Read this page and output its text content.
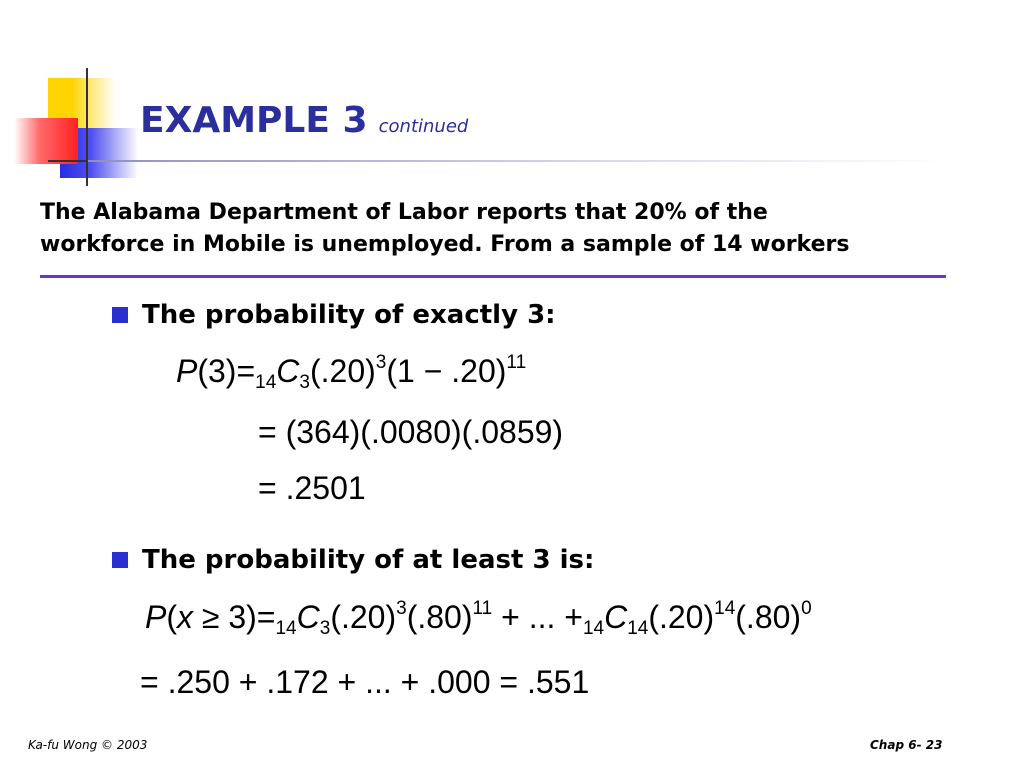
EXAMPLE 3 continued
The Alabama Department of Labor reports that 20% of the
workforce in Mobile is unemployed. From a sample of 14 workers
The probability of exactly 3:
$P(3)=_{14}C_3(.20)^3(1 - .20)^{11}$
= (364)(.0080)(.0859)
= .2501
The probability of at least 3 is:
$P(x \ge 3)=_{14}C_3(.20)^3(.80)^{11}$ + ... $+_{14}C_{14}(.20)^{14}(.80)^0$
= .250 + .172 + ... + .000 = .551
Ka-fu Wong © 2003	Chap 6- 23
